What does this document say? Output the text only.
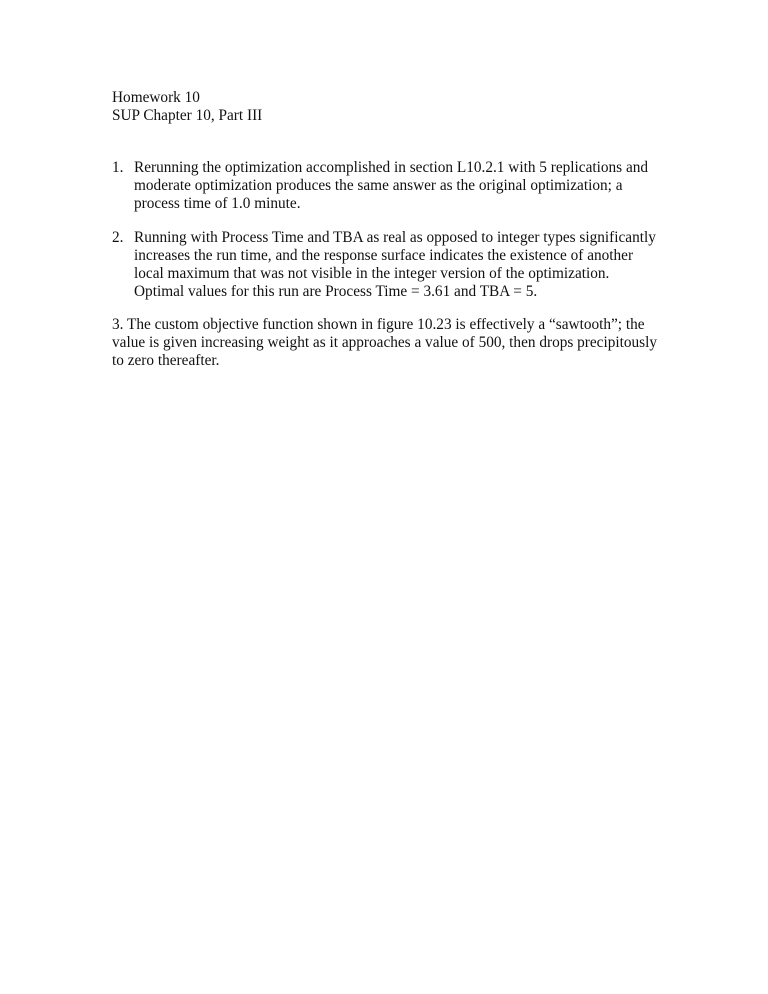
Homework 10
SUP Chapter 10, Part III
1. Rerunning the optimization accomplished in section L10.2.1 with 5 replications and
moderate optimization produces the same answer as the original optimization; a
process time of 1.0 minute.
2. Running with Process Time and TBA as real as opposed to integer types significantly
increases the run time, and the response surface indicates the existence of another
local maximum that was not visible in the integer version of the optimization.
Optimal values for this run are Process Time = 3.61 and TBA = 5.
3. The custom objective function shown in figure 10.23 is effectively a “sawtooth”; the
value is given increasing weight as it approaches a value of 500, then drops precipitously
to zero thereafter.
